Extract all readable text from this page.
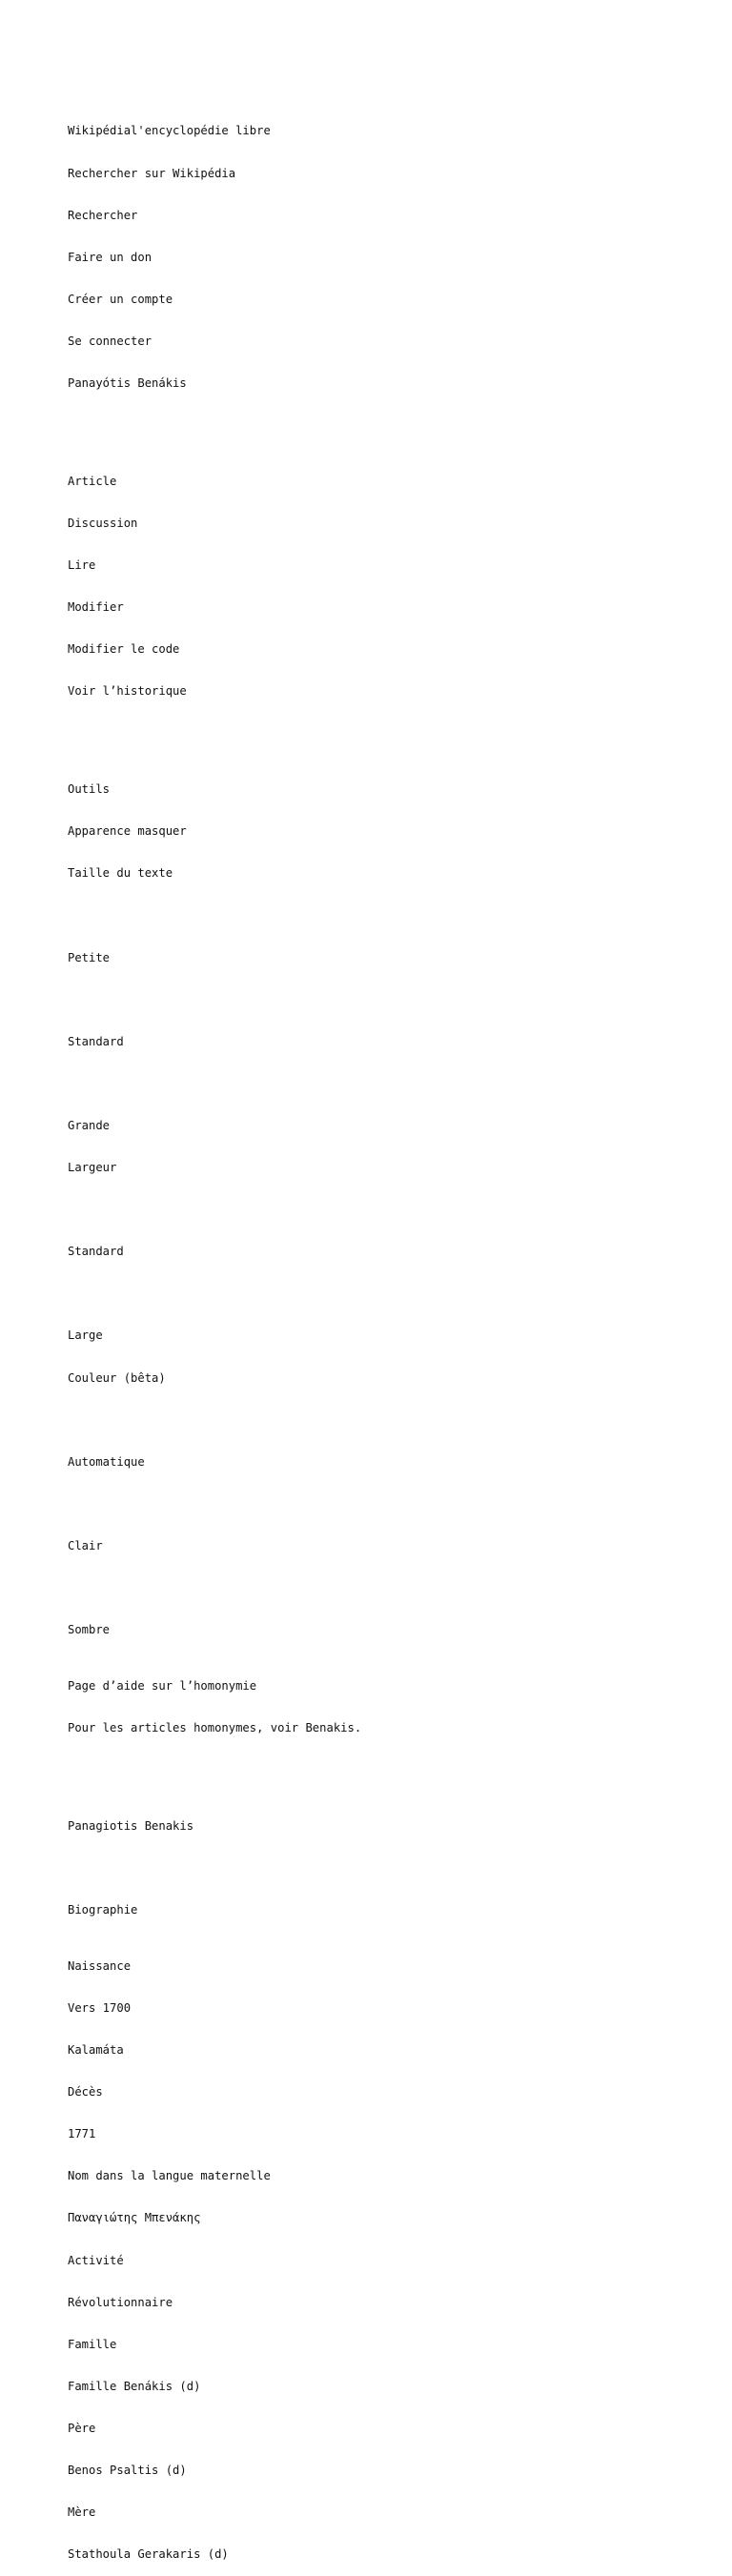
Wikipédial'encyclopédie libre

Rechercher sur Wikipédia

Rechercher

Faire un don

Créer un compte

Se connecter

Panayótis Benákis

Article

Discussion

Lire

Modifier

Modifier le code

Voir l’historique

Outils

Apparence masquer

Taille du texte

Petite

Standard

Grande

Largeur

Standard

Large

Couleur (bêta)

Automatique

Clair

Sombre

Page d’aide sur l’homonymie

Pour les articles homonymes, voir Benakis.

Panagiotis Benakis

Biographie

Naissance

Vers 1700

Kalamáta

Décès

1771

Nom dans la langue maternelle

Παναγιώτης Μπενάκης

Activité

Révolutionnaire

Famille

Famille Benákis (d)

Père

Benos Psaltis (d)

Mère

Stathoula Gerakaris (d)
